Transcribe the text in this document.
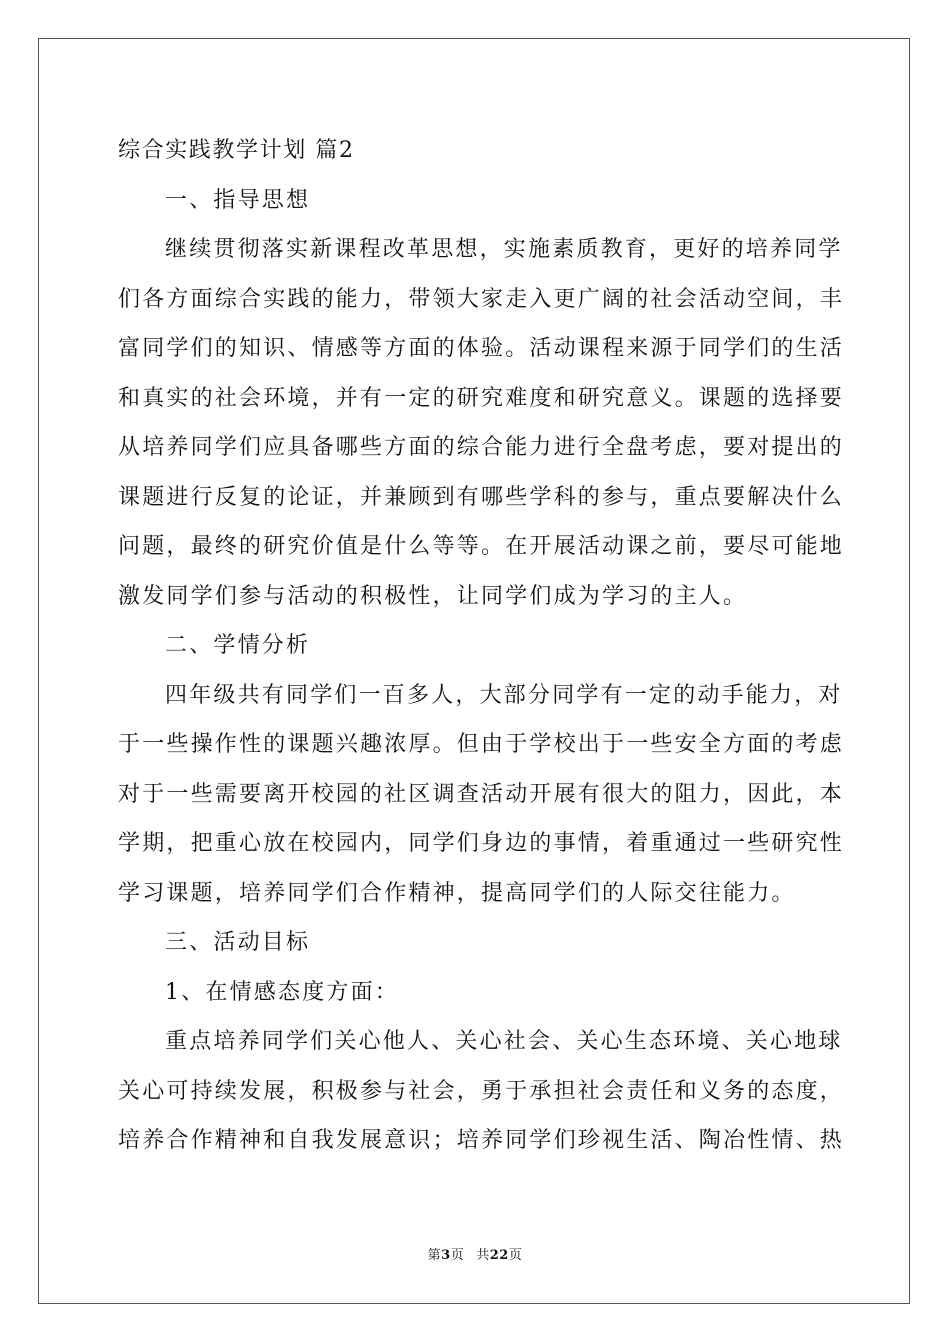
综合实践教学计划 篇2

一、指导思想

继续贯彻落实新课程改革思想，实施素质教育，更好的培养同学

们各方面综合实践的能力，带领大家走入更广阔的社会活动空间，丰

富同学们的知识、情感等方面的体验。活动课程来源于同学们的生活

和真实的社会环境，并有一定的研究难度和研究意义。课题的选择要

从培养同学们应具备哪些方面的综合能力进行全盘考虑，要对提出的

课题进行反复的论证，并兼顾到有哪些学科的参与，重点要解决什么

问题，最终的研究价值是什么等等。在开展活动课之前，要尽可能地

激发同学们参与活动的积极性，让同学们成为学习的主人。

二、学情分析

四年级共有同学们一百多人，大部分同学有一定的动手能力，对

于一些操作性的课题兴趣浓厚。但由于学校出于一些安全方面的考虑

对于一些需要离开校园的社区调查活动开展有很大的阻力，因此，本

学期，把重心放在校园内，同学们身边的事情，着重通过一些研究性

学习课题，培养同学们合作精神，提高同学们的人际交往能力。

三、活动目标

1、在情感态度方面：

重点培养同学们关心他人、关心社会、关心生态环境、关心地球

关心可持续发展，积极参与社会，勇于承担社会责任和义务的态度，

培养合作精神和自我发展意识；培养同学们珍视生活、陶冶性情、热

第3页 共22页
